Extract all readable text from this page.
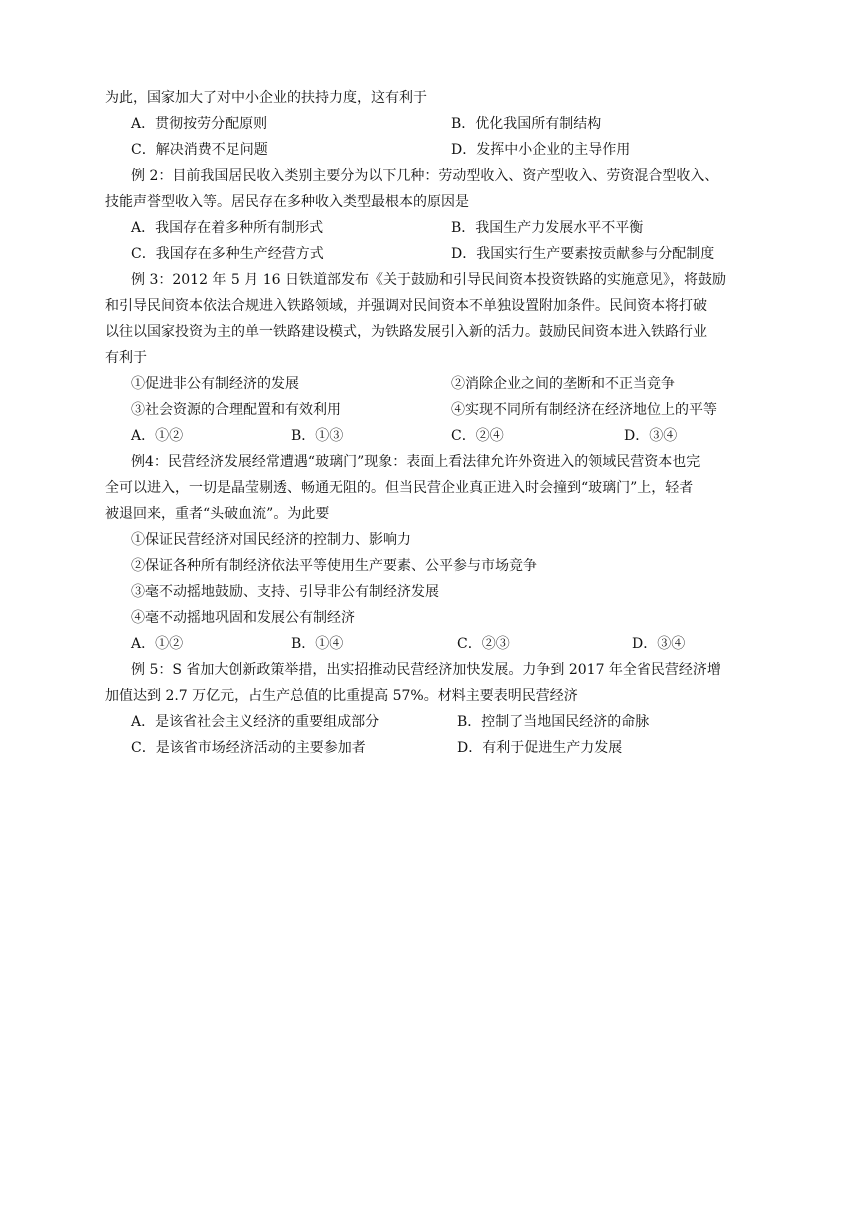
为此，国家加大了对中小企业的扶持力度，这有利于
A．贯彻按劳分配原则	B．优化我国所有制结构
C．解决消费不足问题	D．发挥中小企业的主导作用
例 2：目前我国居民收入类别主要分为以下几种：劳动型收入、资产型收入、劳资混合型收入、
技能声誉型收入等。居民存在多种收入类型最根本的原因是
A．我国存在着多种所有制形式	B．我国生产力发展水平不平衡
C．我国存在多种生产经营方式	D．我国实行生产要素按贡献参与分配制度
例 3：2012 年 5 月 16 日铁道部发布《关于鼓励和引导民间资本投资铁路的实施意见》，将鼓励
和引导民间资本依法合规进入铁路领域，并强调对民间资本不单独设置附加条件。民间资本将打破
以往以国家投资为主的单一铁路建设模式，为铁路发展引入新的活力。鼓励民间资本进入铁路行业
有利于
①促进非公有制经济的发展	②消除企业之间的垄断和不正当竞争
③社会资源的合理配置和有效利用	④实现不同所有制经济在经济地位上的平等
A．①②	B．①③	C．②④	D．③④
例4：民营经济发展经常遭遇“玻璃门”现象：表面上看法律允许外资进入的领域民营资本也完
全可以进入，一切是晶莹剔透、畅通无阻的。但当民营企业真正进入时会撞到“玻璃门”上，轻者
被退回来，重者“头破血流”。为此要
①保证民营经济对国民经济的控制力、影响力
②保证各种所有制经济依法平等使用生产要素、公平参与市场竞争
③毫不动摇地鼓励、支持、引导非公有制经济发展
④毫不动摇地巩固和发展公有制经济
A．①②	B．①④	C．②③	D．③④
例 5：S 省加大创新政策举措，出实招推动民营经济加快发展。力争到 2017 年全省民营经济增
加值达到 2.7 万亿元，占生产总值的比重提高 57%。材料主要表明民营经济
A．是该省社会主义经济的重要组成部分	B．控制了当地国民经济的命脉
C．是该省市场经济活动的主要参加者	D．有利于促进生产力发展
